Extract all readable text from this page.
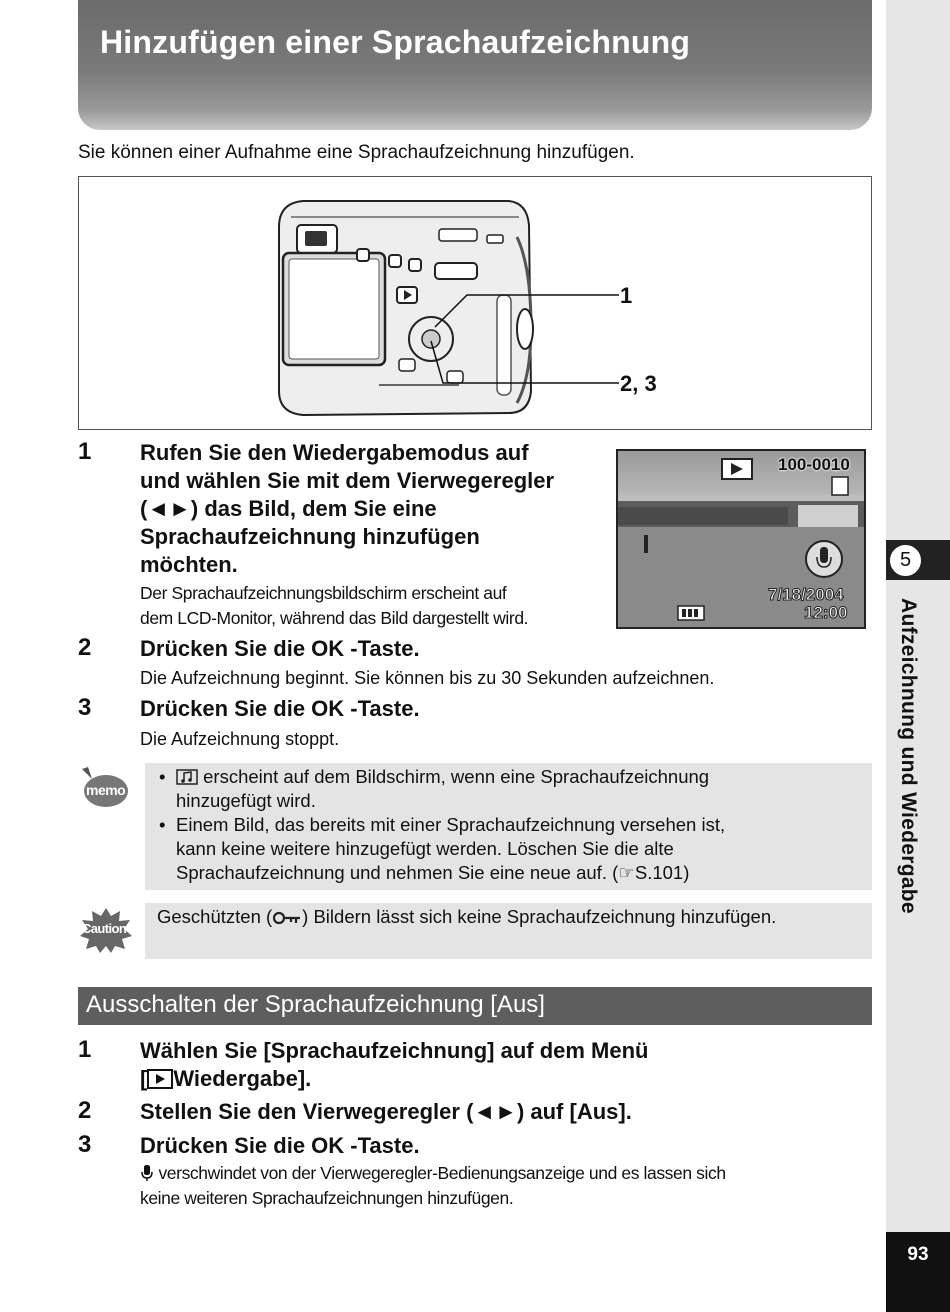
5
Aufzeichnung und Wiedergabe
93
Hinzufügen einer Sprachaufzeichnung
Sie können einer Aufnahme eine Sprachaufzeichnung hinzufügen.
1
2, 3
1 Rufen Sie den Wiedergabemodus auf
und wählen Sie mit dem Vierwegeregler
(◄►) das Bild, dem Sie eine
Sprachaufzeichnung hinzufügen
möchten.
Der Sprachaufzeichnungsbildschirm erscheint auf
dem LCD-Monitor, während das Bild dargestellt wird.
100-0010
7/18/2004
12:00
2 Drücken Sie die OK -Taste.
Die Aufzeichnung beginnt. Sie können bis zu 30 Sekunden aufzeichnen.
3 Drücken Sie die OK -Taste.
Die Aufzeichnung stoppt.
memo
• erscheint auf dem Bildschirm, wenn eine Sprachaufzeichnung
hinzugefügt wird.
• Einem Bild, das bereits mit einer Sprachaufzeichnung versehen ist,
kann keine weitere hinzugefügt werden. Löschen Sie die alte
Sprachaufzeichnung und nehmen Sie eine neue auf. (☞S.101)
Caution
Geschützten ( ) Bildern lässt sich keine Sprachaufzeichnung hinzufügen.
Ausschalten der Sprachaufzeichnung [Aus]
1 Wählen Sie [Sprachaufzeichnung] auf dem Menü
[ Wiedergabe].
2 Stellen Sie den Vierwegeregler (◄►) auf [Aus].
3 Drücken Sie die OK -Taste.
verschwindet von der Vierwegeregler-Bedienungsanzeige und es lassen sich
keine weiteren Sprachaufzeichnungen hinzufügen.
